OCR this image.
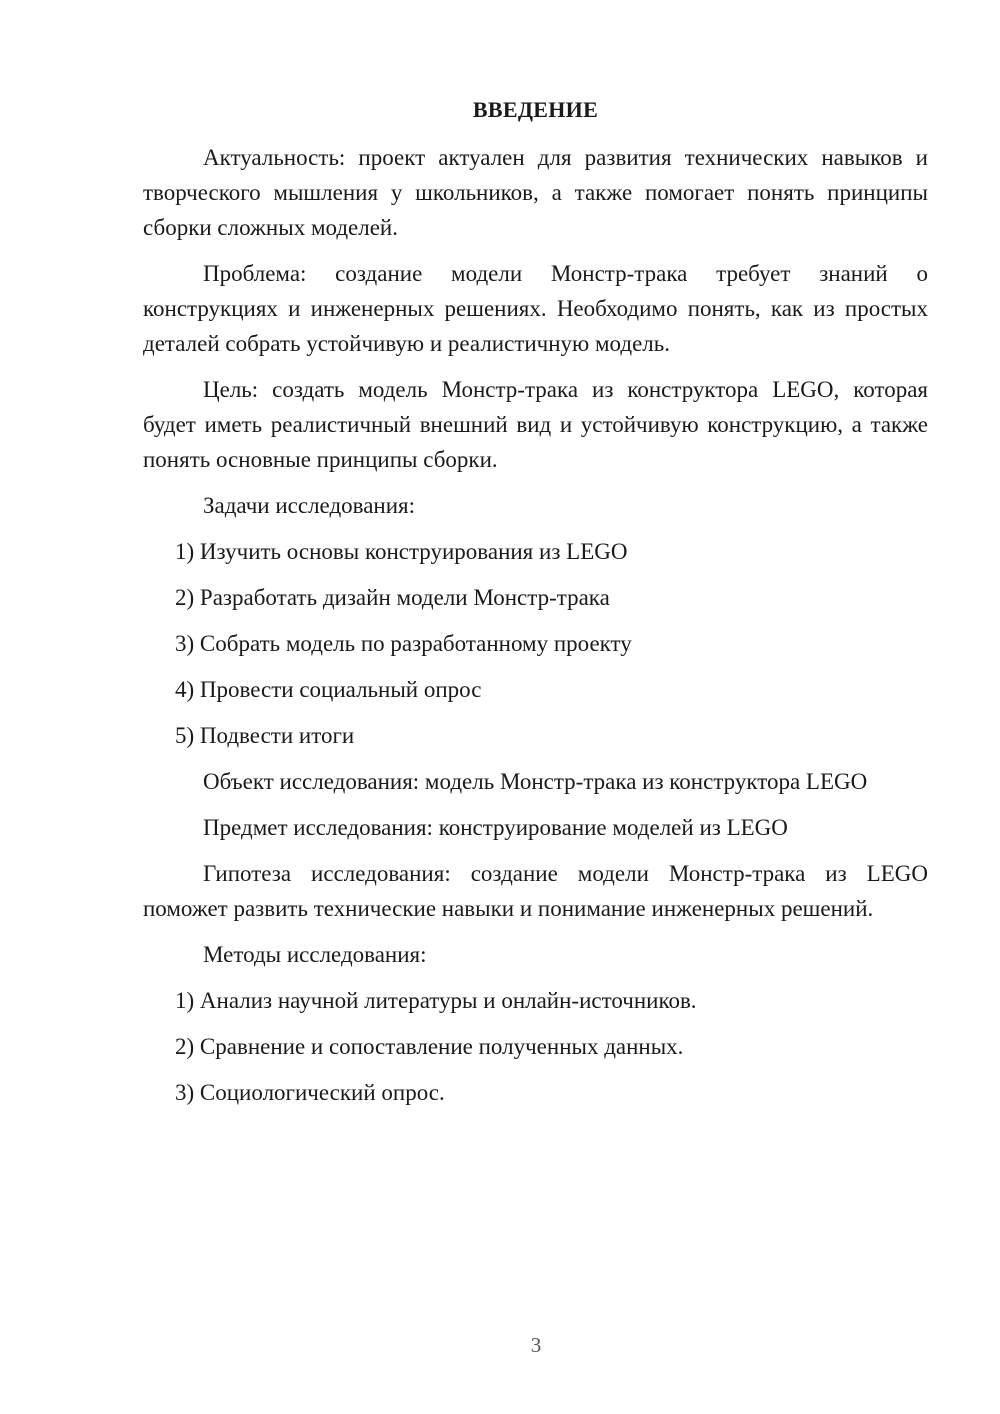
ВВЕДЕНИЕ

Актуальность: проект актуален для развития технических навыков и творческого мышления у школьников, а также помогает понять принципы сборки сложных моделей.

Проблема: создание модели Монстр-трака требует знаний о конструкциях и инженерных решениях. Необходимо понять, как из простых деталей собрать устойчивую и реалистичную модель.

Цель: создать модель Монстр-трака из конструктора LEGO, которая будет иметь реалистичный внешний вид и устойчивую конструкцию, а также понять основные принципы сборки.

Задачи исследования:

1) Изучить основы конструирования из LEGO
2) Разработать дизайн модели Монстр-трака
3) Собрать модель по разработанному проекту
4) Провести социальный опрос
5) Подвести итоги

Объект исследования: модель Монстр-трака из конструктора LEGO

Предмет исследования: конструирование моделей из LEGO

Гипотеза исследования: создание модели Монстр-трака из LEGO поможет развить технические навыки и понимание инженерных решений.

Методы исследования:

1) Анализ научной литературы и онлайн-источников.
2) Сравнение и сопоставление полученных данных.
3) Социологический опрос.
3
